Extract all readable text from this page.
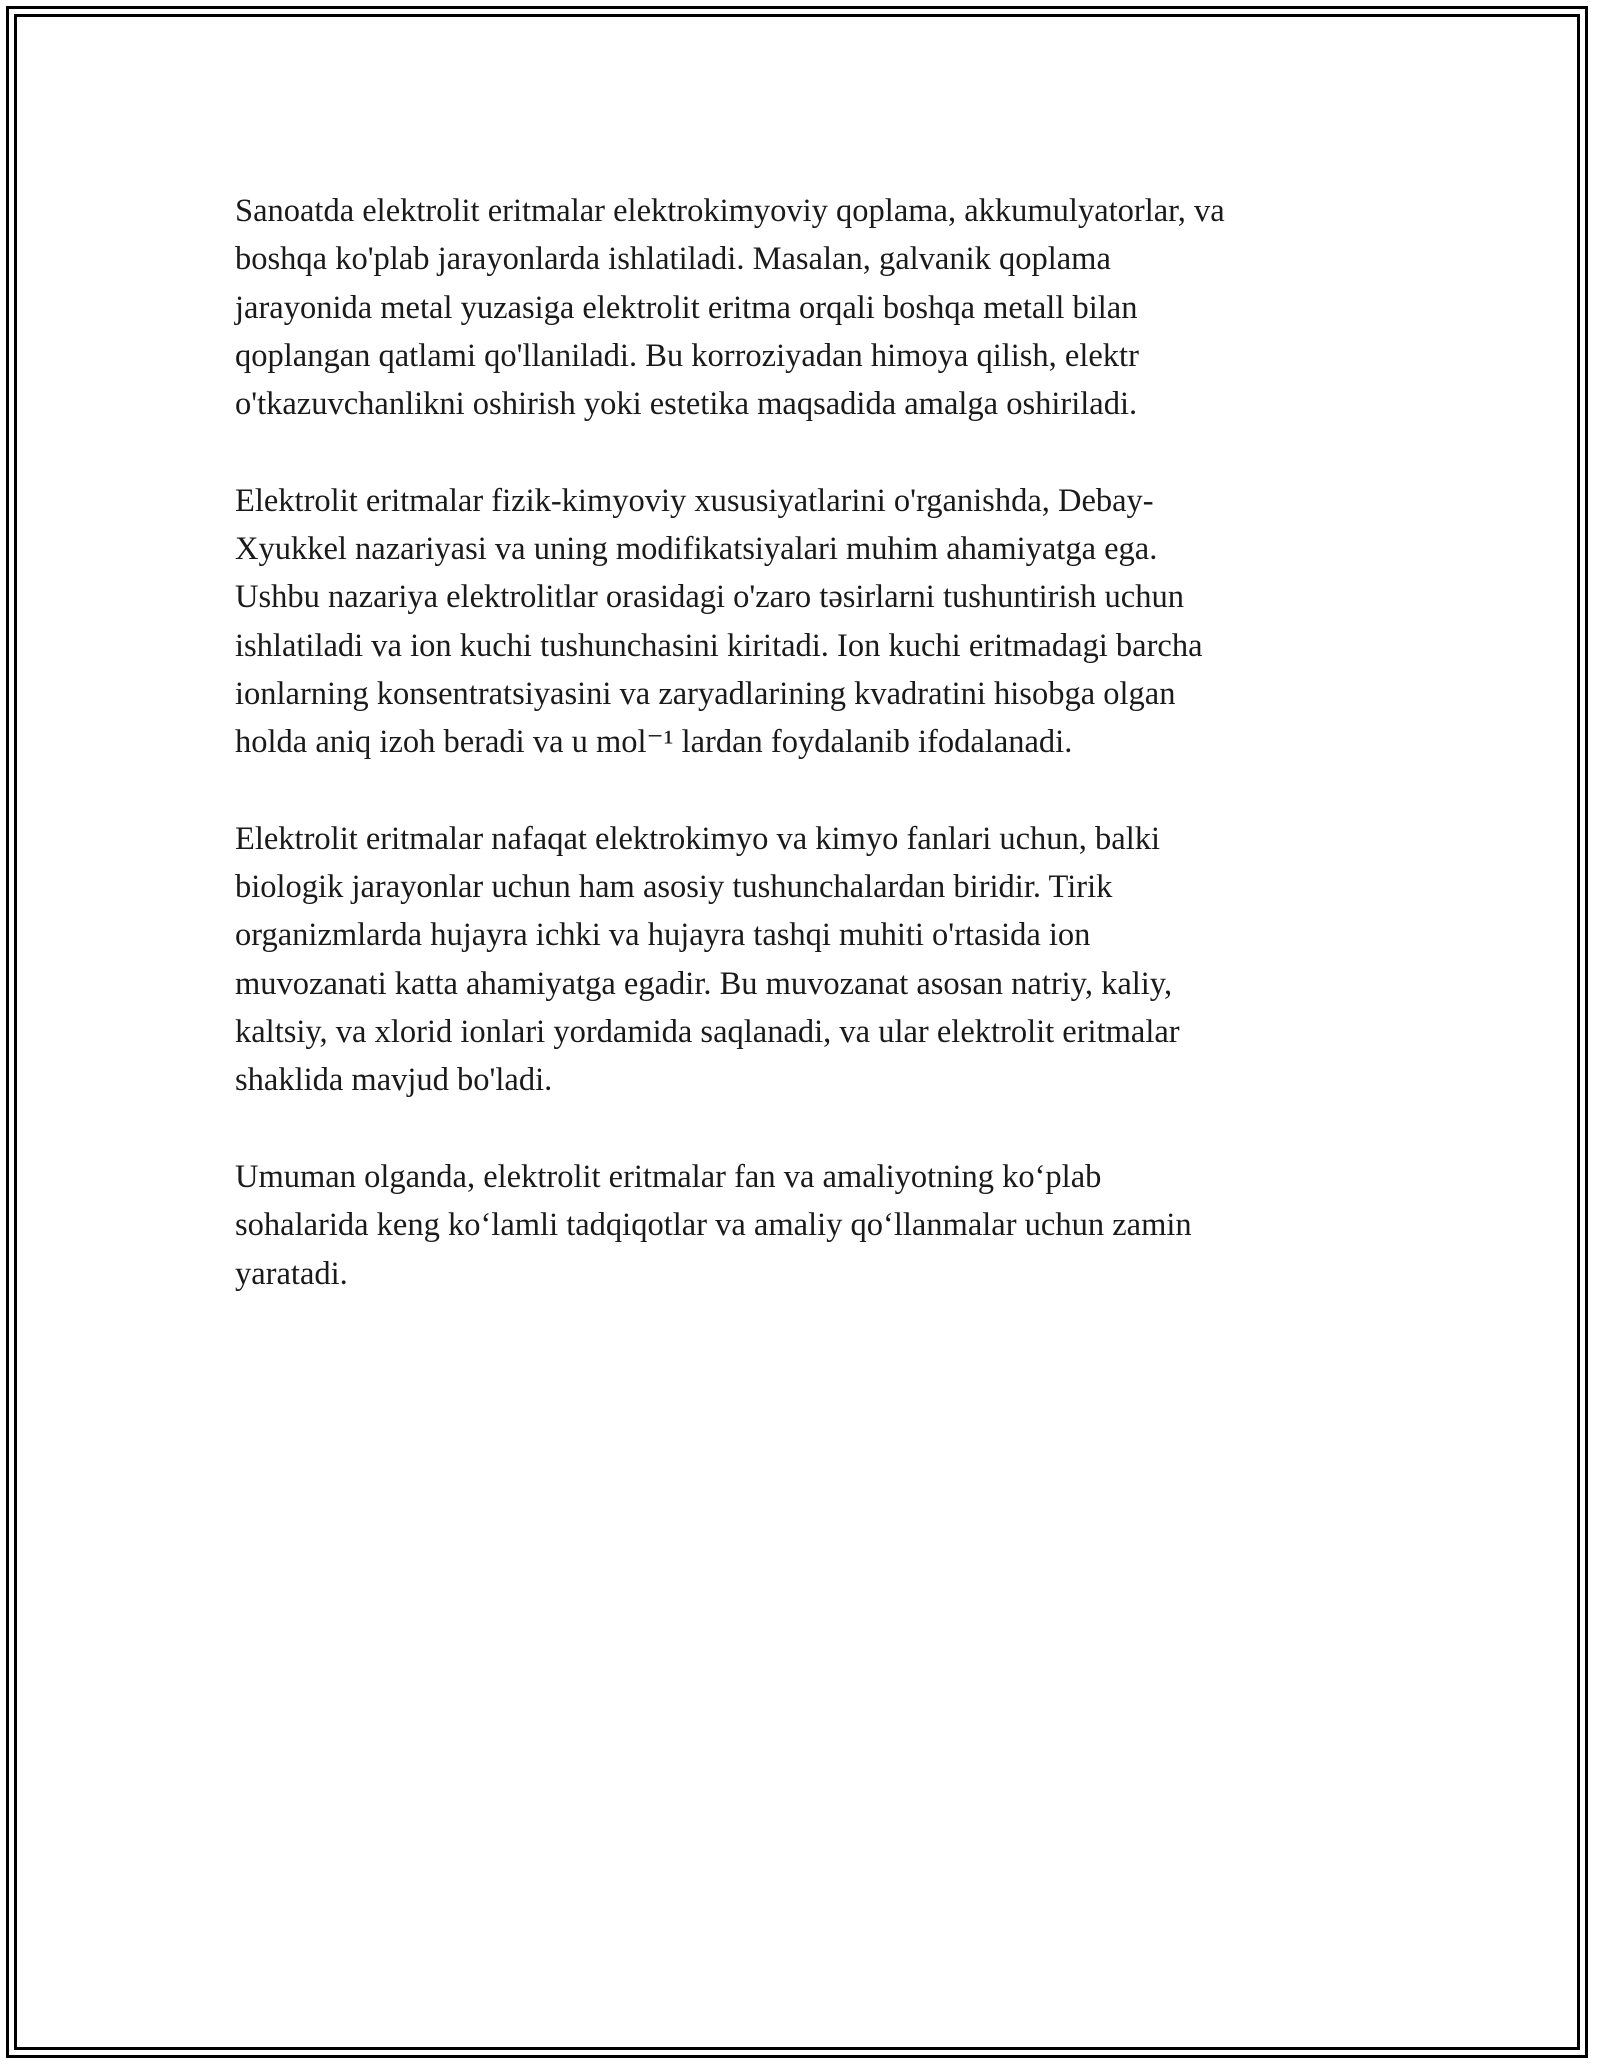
Sanoatda elektrolit eritmalar elektrokimyoviy qoplama, akkumulyatorlar, va
boshqa ko'plab jarayonlarda ishlatiladi. Masalan, galvanik qoplama
jarayonida metal yuzasiga elektrolit eritma orqali boshqa metall bilan
qoplangan qatlami qo'llaniladi. Bu korroziyadan himoya qilish, elektr
o'tkazuvchanlikni oshirish yoki estetika maqsadida amalga oshiriladi.

Elektrolit eritmalar fizik-kimyoviy xususiyatlarini o'rganishda, Debay-
Xyukkel nazariyasi va uning modifikatsiyalari muhim ahamiyatga ega.
Ushbu nazariya elektrolitlar orasidagi o'zaro təsirlarni tushuntirish uchun
ishlatiladi va ion kuchi tushunchasini kiritadi. Ion kuchi eritmadagi barcha
ionlarning konsentratsiyasini va zaryadlarining kvadratini hisobga olgan
holda aniq izoh beradi va u mol⁻¹ lardan foydalanib ifodalanadi.

Elektrolit eritmalar nafaqat elektrokimyo va kimyo fanlari uchun, balki
biologik jarayonlar uchun ham asosiy tushunchalardan biridir. Tirik
organizmlarda hujayra ichki va hujayra tashqi muhiti o'rtasida ion
muvozanati katta ahamiyatga egadir. Bu muvozanat asosan natriy, kaliy,
kaltsiy, va xlorid ionlari yordamida saqlanadi, va ular elektrolit eritmalar
shaklida mavjud bo'ladi.

Umuman olganda, elektrolit eritmalar fan va amaliyotning ko‘plab
sohalarida keng ko‘lamli tadqiqotlar va amaliy qo‘llanmalar uchun zamin
yaratadi.
